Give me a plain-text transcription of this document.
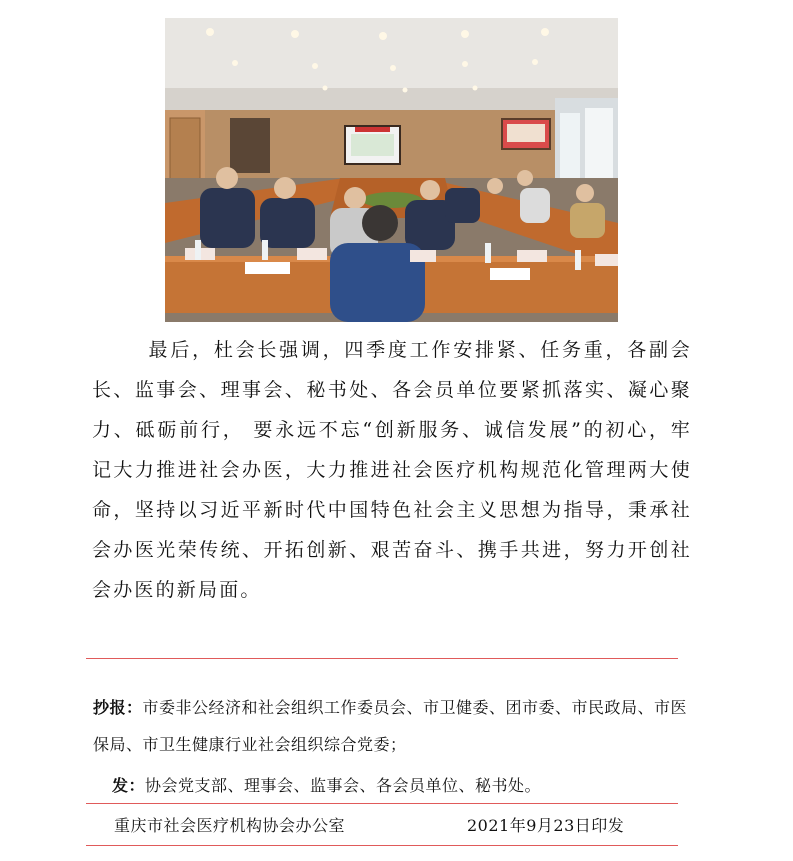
最后，杜会长强调，四季度工作安排紧、任务重，各副会长、监事会、理事会、秘书处、各会员单位要紧抓落实、凝心聚力、砥砺前行， 要永远不忘“创新服务、诚信发展”的初心，牢记大力推进社会办医，大力推进社会医疗机构规范化管理两大使命，坚持以习近平新时代中国特色社会主义思想为指导，秉承社会办医光荣传统、开拓创新、艰苦奋斗、携手共进，努力开创社会办医的新局面。

抄报：市委非公经济和社会组织工作委员会、市卫健委、团市委、市民政局、市医保局、市卫生健康行业社会组织综合党委；

发：协会党支部、理事会、监事会、各会员单位、秘书处。

重庆市社会医疗机构协会办公室	2021年9月23日印发
